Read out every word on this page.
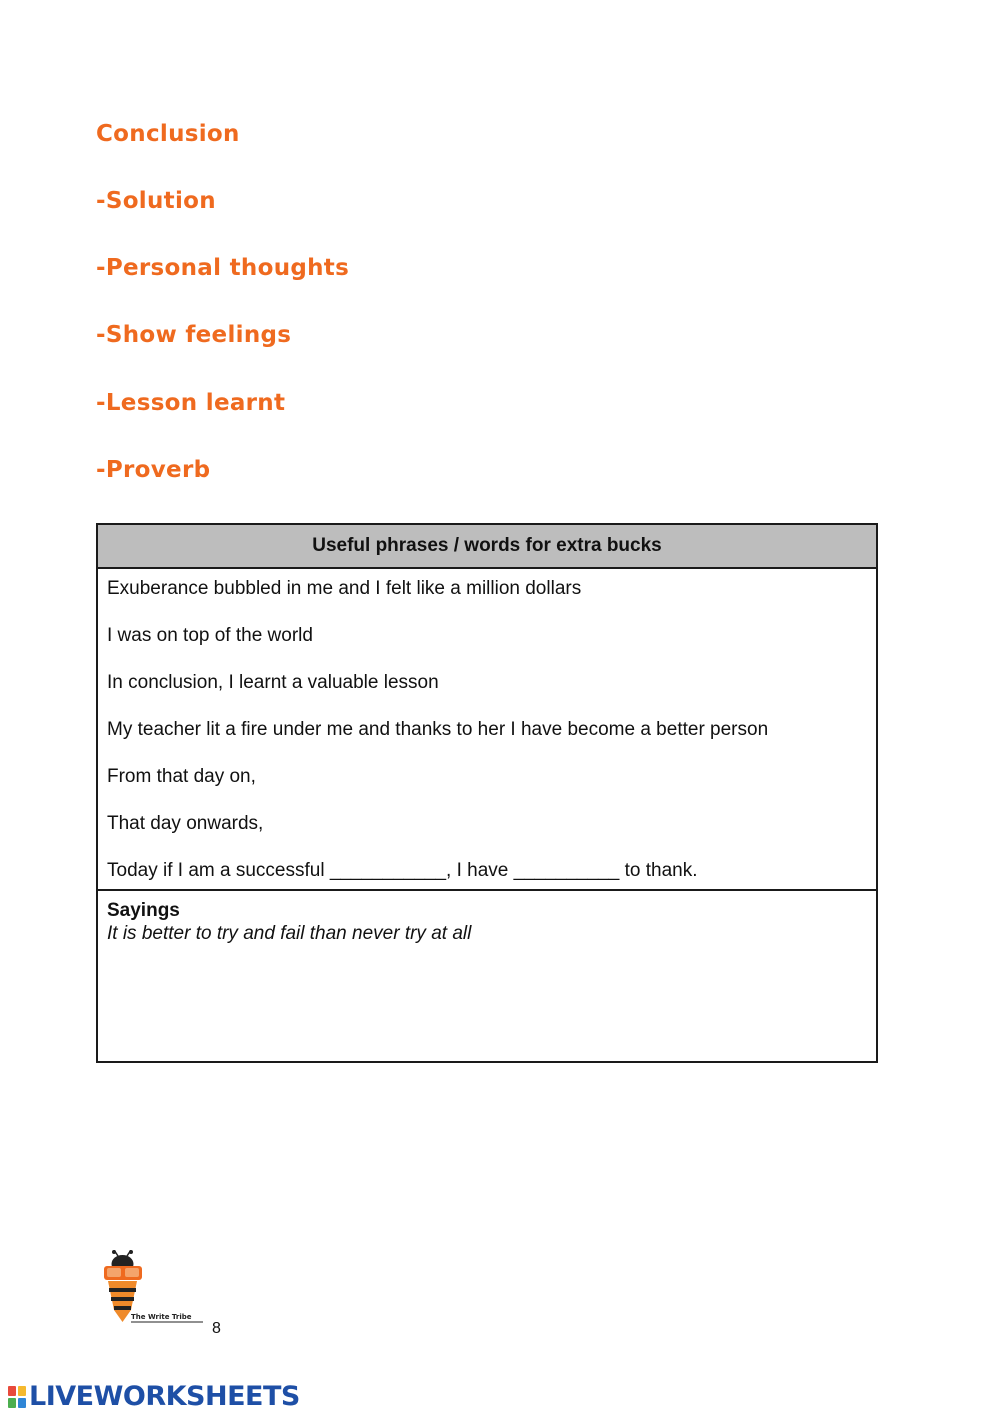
Conclusion
-Solution
-Personal thoughts
-Show feelings
-Lesson learnt
-Proverb
Useful phrases / words for extra bucks
Exuberance bubbled in me and I felt like a million dollars
I was on top of the world
In conclusion, I learnt a valuable lesson
My teacher lit a fire under me and thanks to her I have become a better person
From that day on,
That day onwards,
Today if I am a successful ___________, I have __________ to thank.
Sayings
It is better to try and fail than never try at all
The Write Tribe
8
LIVEWORKSHEETS
